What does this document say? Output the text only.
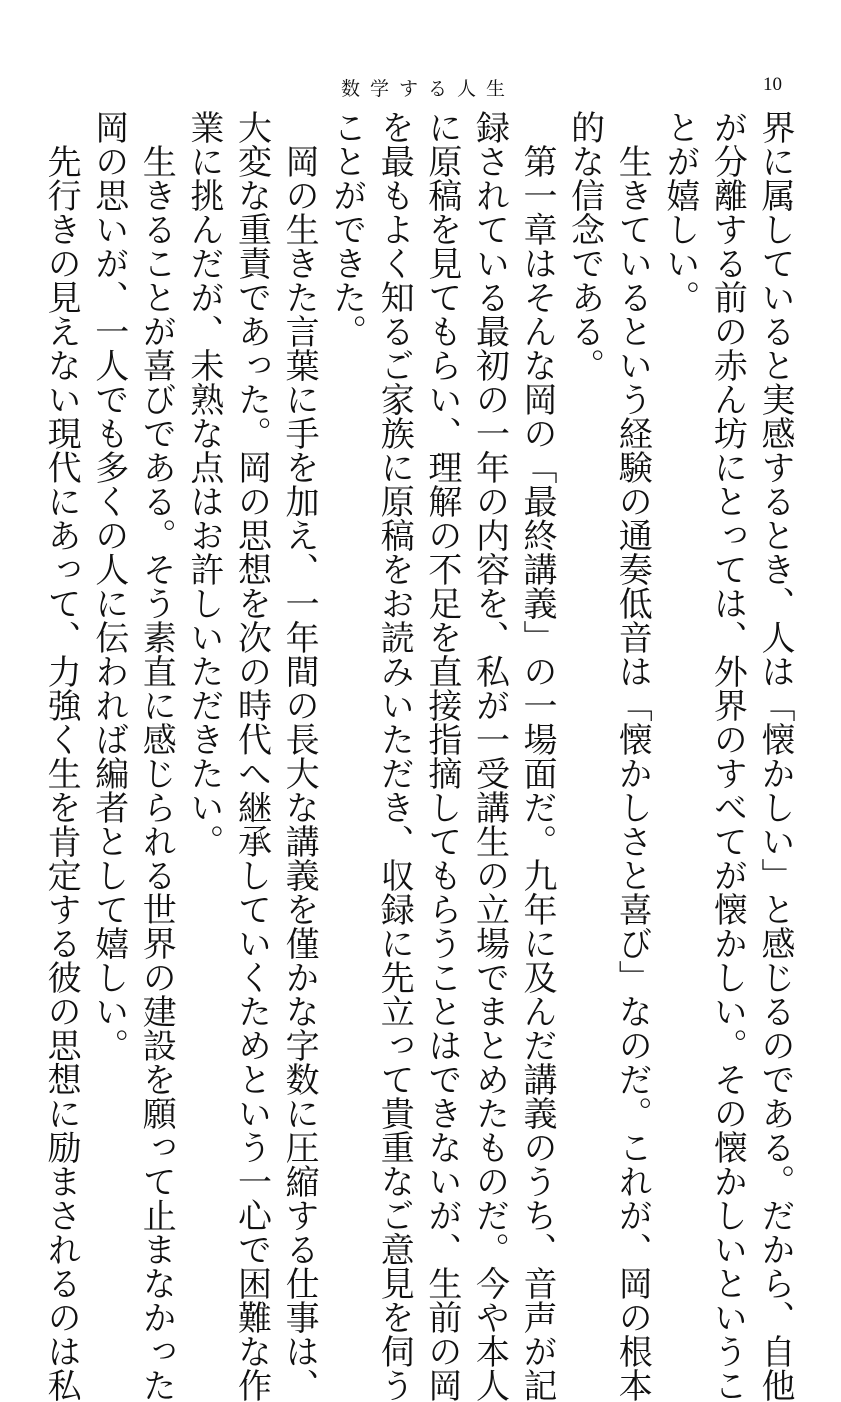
数学する人生	10
界に属していると実感するとき、人は「懐かしい」と感じるのである。だから、自他
が分離する前の赤ん坊にとっては、外界のすべてが懐かしい。その懐かしいというこ
とが嬉しい。
　生きているという経験の通奏低音は「懐かしさと喜び」なのだ。これが、岡の根本
的な信念である。
　第一章はそんな岡の「最終講義」の一場面だ。九年に及んだ講義のうち、音声が記
録されている最初の一年の内容を、私が一受講生の立場でまとめたものだ。今や本人
に原稿を見てもらい、理解の不足を直接指摘してもらうことはできないが、生前の岡
を最もよく知るご家族に原稿をお読みいただき、収録に先立って貴重なご意見を伺う
ことができた。
　岡の生きた言葉に手を加え、一年間の長大な講義を僅かな字数に圧縮する仕事は、
大変な重責であった。岡の思想を次の時代へ継承していくためという一心で困難な作
業に挑んだが、未熟な点はお許しいただきたい。
　生きることが喜びである。そう素直に感じられる世界の建設を願って止まなかった
岡の思いが、一人でも多くの人に伝われば編者として嬉しい。
　先行きの見えない現代にあって、力強く生を肯定する彼の思想に励まされるのは私
